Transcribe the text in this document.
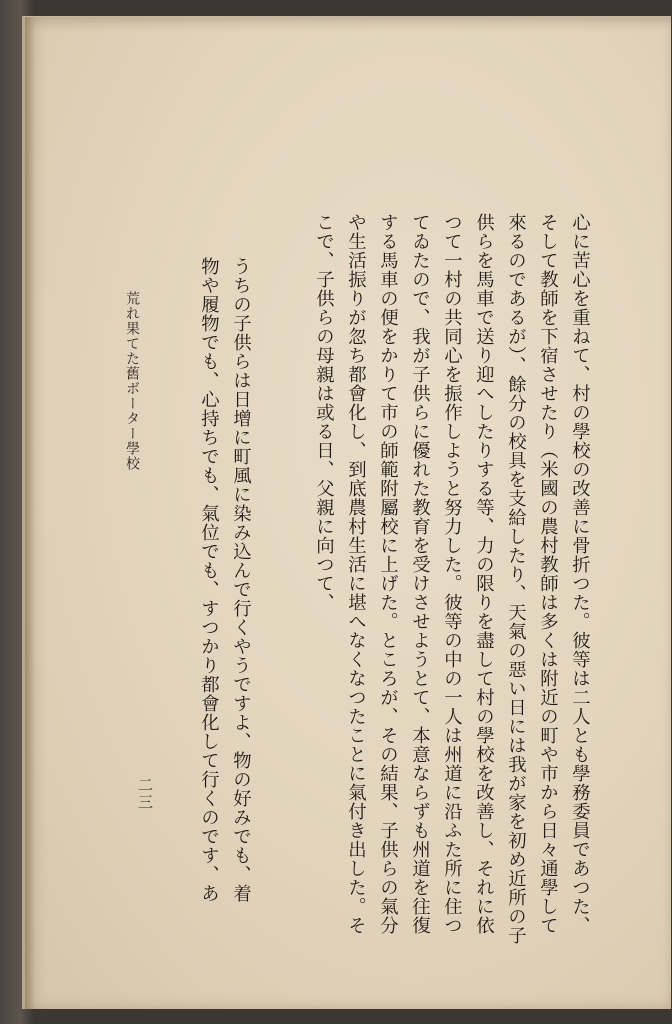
心に苦心を重ねて、村の學校の改善に骨折つた。彼等は二人とも學務委員であつた、
そして教師を下宿させたり（米國の農村教師は多くは附近の町や市から日々通學して
來るのであるが）、餘分の校具を支給したり、天氣の惡い日には我が家を初め近所の子
供らを馬車で送り迎へしたりする等、力の限りを盡して村の學校を改善し、それに依
つて一村の共同心を振作しようと努力した。彼等の中の一人は州道に沿ふた所に住つ
てゐたので、我が子供らに優れた教育を受けさせようとて、本意ならずも州道を往復
する馬車の便をかりて市の師範附屬校に上げた。ところが、その結果、子供らの氣分
や生活振りが忽ち都會化し、到底農村生活に堪へなくなつたことに氣付き出した。そ
こで、子供らの母親は或る日、父親に向つて、
うちの子供らは日增に町風に染み込んで行くやうですよ、物の好みでも、着
物や履物でも、心持ちでも、氣位でも、すつかり都會化して行くのです、あ
荒れ果てた舊ボーター學校
二三
